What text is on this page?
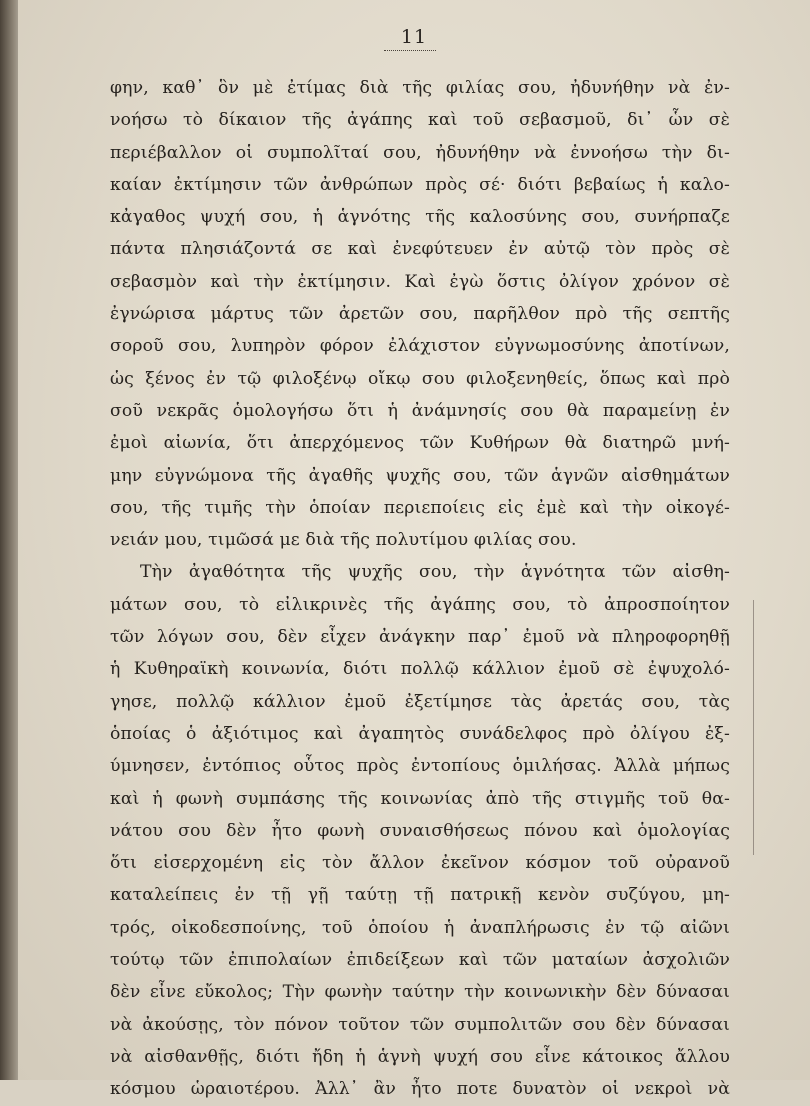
11
φην, καθ᾿ ὃν μὲ ἐτίμας διὰ τῆς φιλίας σου, ἠδυνήθην νὰ ἐν-
νοήσω τὸ δίκαιον τῆς ἀγάπης καὶ τοῦ σεβασμοῦ, δι᾿ ὧν σὲ
περιέβαλλον οἱ συμπολῖταί σου, ἠδυνήθην νὰ ἐννοήσω τὴν δι-
καίαν ἐκτίμησιν τῶν ἀνθρώπων πρὸς σέ· διότι βεβαίως ἡ καλο-
κἀγαθος ψυχή σου, ἡ ἁγνότης τῆς καλοσύνης σου, συνήρπαζε
πάντα πλησιάζοντά σε καὶ ἐνεφύτευεν ἐν αὐτῷ τὸν πρὸς σὲ
σεβασμὸν καὶ τὴν ἐκτίμησιν. Καὶ ἐγὼ ὅστις ὀλίγον χρόνον σὲ
ἐγνώρισα μάρτυς τῶν ἀρετῶν σου, παρῆλθον πρὸ τῆς σεπτῆς
σοροῦ σου, λυπηρὸν φόρον ἐλάχιστον εὐγνωμοσύνης ἀποτίνων,
ὡς ξένος ἐν τῷ φιλοξένῳ οἴκῳ σου φιλοξενηθείς, ὅπως καὶ πρὸ
σοῦ νεκρᾶς ὁμολογήσω ὅτι ἡ ἀνάμνησίς σου θὰ παραμείνῃ ἐν
ἐμοὶ αἰωνία, ὅτι ἀπερχόμενος τῶν Κυθήρων θὰ διατηρῶ μνή-
μην εὐγνώμονα τῆς ἀγαθῆς ψυχῆς σου, τῶν ἁγνῶν αἰσθημάτων
σου, τῆς τιμῆς τὴν ὁποίαν περιεποίεις εἰς ἐμὲ καὶ τὴν οἰκογέ-
νειάν μου, τιμῶσά με διὰ τῆς πολυτίμου φιλίας σου.
Τὴν ἀγαθότητα τῆς ψυχῆς σου, τὴν ἁγνότητα τῶν αἰσθη-
μάτων σου, τὸ εἰλικρινὲς τῆς ἀγάπης σου, τὸ ἀπροσποίητον
τῶν λόγων σου, δὲν εἶχεν ἀνάγκην παρ᾿ ἐμοῦ νὰ πληροφορηθῇ
ἡ Κυθηραϊκὴ κοινωνία, διότι πολλῷ κάλλιον ἐμοῦ σὲ ἐψυχολό-
γησε, πολλῷ κάλλιον ἐμοῦ ἐξετίμησε τὰς ἀρετάς σου, τὰς
ὁποίας ὁ ἀξιότιμος καὶ ἀγαπητὸς συνάδελφος πρὸ ὀλίγου ἐξ-
ύμνησεν, ἐντόπιος οὗτος πρὸς ἐντοπίους ὁμιλήσας. Ἀλλὰ μήπως
καὶ ἡ φωνὴ συμπάσης τῆς κοινωνίας ἀπὸ τῆς στιγμῆς τοῦ θα-
νάτου σου δὲν ἦτο φωνὴ συναισθήσεως πόνου καὶ ὁμολογίας
ὅτι εἰσερχομένη εἰς τὸν ἄλλον ἐκεῖνον κόσμον τοῦ οὐρανοῦ
καταλείπεις ἐν τῇ γῇ ταύτῃ τῇ πατρικῇ κενὸν συζύγου, μη-
τρός, οἰκοδεσποίνης, τοῦ ὁποίου ἡ ἀναπλήρωσις ἐν τῷ αἰῶνι
τούτῳ τῶν ἐπιπολαίων ἐπιδείξεων καὶ τῶν ματαίων ἀσχολιῶν
δὲν εἶνε εὔκολος; Τὴν φωνὴν ταύτην τὴν κοινωνικὴν δὲν δύνασαι
νὰ ἀκούσῃς, τὸν πόνον τοῦτον τῶν συμπολιτῶν σου δὲν δύνασαι
νὰ αἰσθανθῇς, διότι ἤδη ἡ ἁγνὴ ψυχή σου εἶνε κάτοικος ἄλλου
κόσμου ὡραιοτέρου. Ἀλλ᾿ ἂν ἦτο ποτε δυνατὸν οἱ νεκροὶ νὰ
